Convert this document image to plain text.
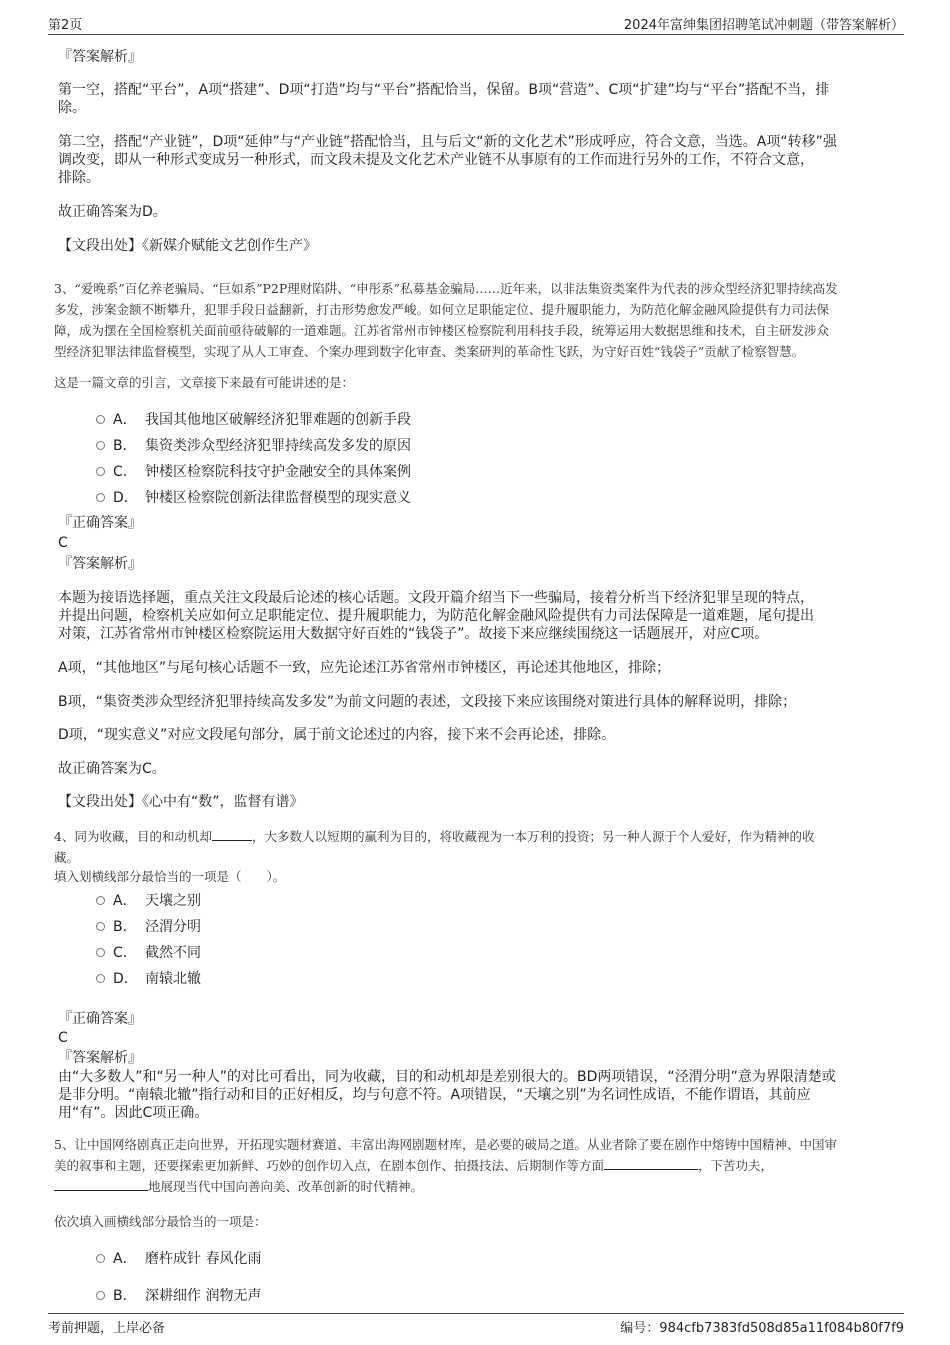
第2页	2024年富绅集团招聘笔试冲刺题（带答案解析）
『答案解析』
第一空，搭配“平台”，A项“搭建”、D项“打造”均与“平台”搭配恰当，保留。B项“营造”、C项“扩建”均与“平台”搭配不当，排
除。
第二空，搭配“产业链”，D项“延伸”与“产业链”搭配恰当，且与后文“新的文化艺术”形成呼应，符合文意，当选。A项“转移”强
调改变，即从一种形式变成另一种形式，而文段未提及文化艺术产业链不从事原有的工作而进行另外的工作，不符合文意，
排除。
故正确答案为D。
【文段出处】《新媒介赋能文艺创作生产》
3、“爱晚系”百亿养老骗局、“巨如系”P2P理财陷阱、“申彤系”私募基金骗局……近年来，以非法集资类案件为代表的涉众型经济犯罪持续高发
多发，涉案金额不断攀升，犯罪手段日益翻新，打击形势愈发严峻。如何立足职能定位、提升履职能力，为防范化解金融风险提供有力司法保
障，成为摆在全国检察机关面前亟待破解的一道难题。江苏省常州市钟楼区检察院利用科技手段，统筹运用大数据思维和技术，自主研发涉众
型经济犯罪法律监督模型，实现了从人工审查、个案办理到数字化审查、类案研判的革命性飞跃，为守好百姓“钱袋子”贡献了检察智慧。
这是一篇文章的引言，文章接下来最有可能讲述的是：
A． 我国其他地区破解经济犯罪难题的创新手段
B． 集资类涉众型经济犯罪持续高发多发的原因
C． 钟楼区检察院科技守护金融安全的具体案例
D． 钟楼区检察院创新法律监督模型的现实意义
『正确答案』
C
『答案解析』
本题为接语选择题，重点关注文段最后论述的核心话题。文段开篇介绍当下一些骗局，接着分析当下经济犯罪呈现的特点，
并提出问题，检察机关应如何立足职能定位、提升履职能力，为防范化解金融风险提供有力司法保障是一道难题，尾句提出
对策，江苏省常州市钟楼区检察院运用大数据守好百姓的“钱袋子”。故接下来应继续围绕这一话题展开，对应C项。
A项，“其他地区”与尾句核心话题不一致，应先论述江苏省常州市钟楼区，再论述其他地区，排除；
B项，“集资类涉众型经济犯罪持续高发多发”为前文问题的表述，文段接下来应该围绕对策进行具体的解释说明，排除；
D项，“现实意义”对应文段尾句部分，属于前文论述过的内容，接下来不会再论述，排除。
故正确答案为C。
【文段出处】《心中有“数”，监督有谱》
4、同为收藏，目的和动机却	，大多数人以短期的赢利为目的，将收藏视为一本万利的投资；另一种人源于个人爱好，作为精神的收
藏。
填入划横线部分最恰当的一项是（　　）。
A． 天壤之别
B． 泾渭分明
C． 截然不同
D． 南辕北辙
『正确答案』
C
『答案解析』
由“大多数人”和“另一种人”的对比可看出，同为收藏，目的和动机却是差别很大的。BD两项错误，“泾渭分明”意为界限清楚或
是非分明。“南辕北辙”指行动和目的正好相反，均与句意不符。A项错误，“天壤之别”为名词性成语，不能作谓语，其前应
用“有”。因此C项正确。
5、让中国网络剧真正走向世界，开拓现实题材赛道、丰富出海网剧题材库，是必要的破局之道。从业者除了要在剧作中熔铸中国精神、中国审
美的叙事和主题，还要探索更加新鲜、巧妙的创作切入点，在剧本创作、拍摄技法、后期制作等方面	，下苦功夫，
地展现当代中国向善向美、改革创新的时代精神。
依次填入画横线部分最恰当的一项是：
A． 磨杵成针 春风化雨
B． 深耕细作 润物无声
考前押题，上岸必备	编号：984cfb7383fd508d85a11f084b80f7f9
